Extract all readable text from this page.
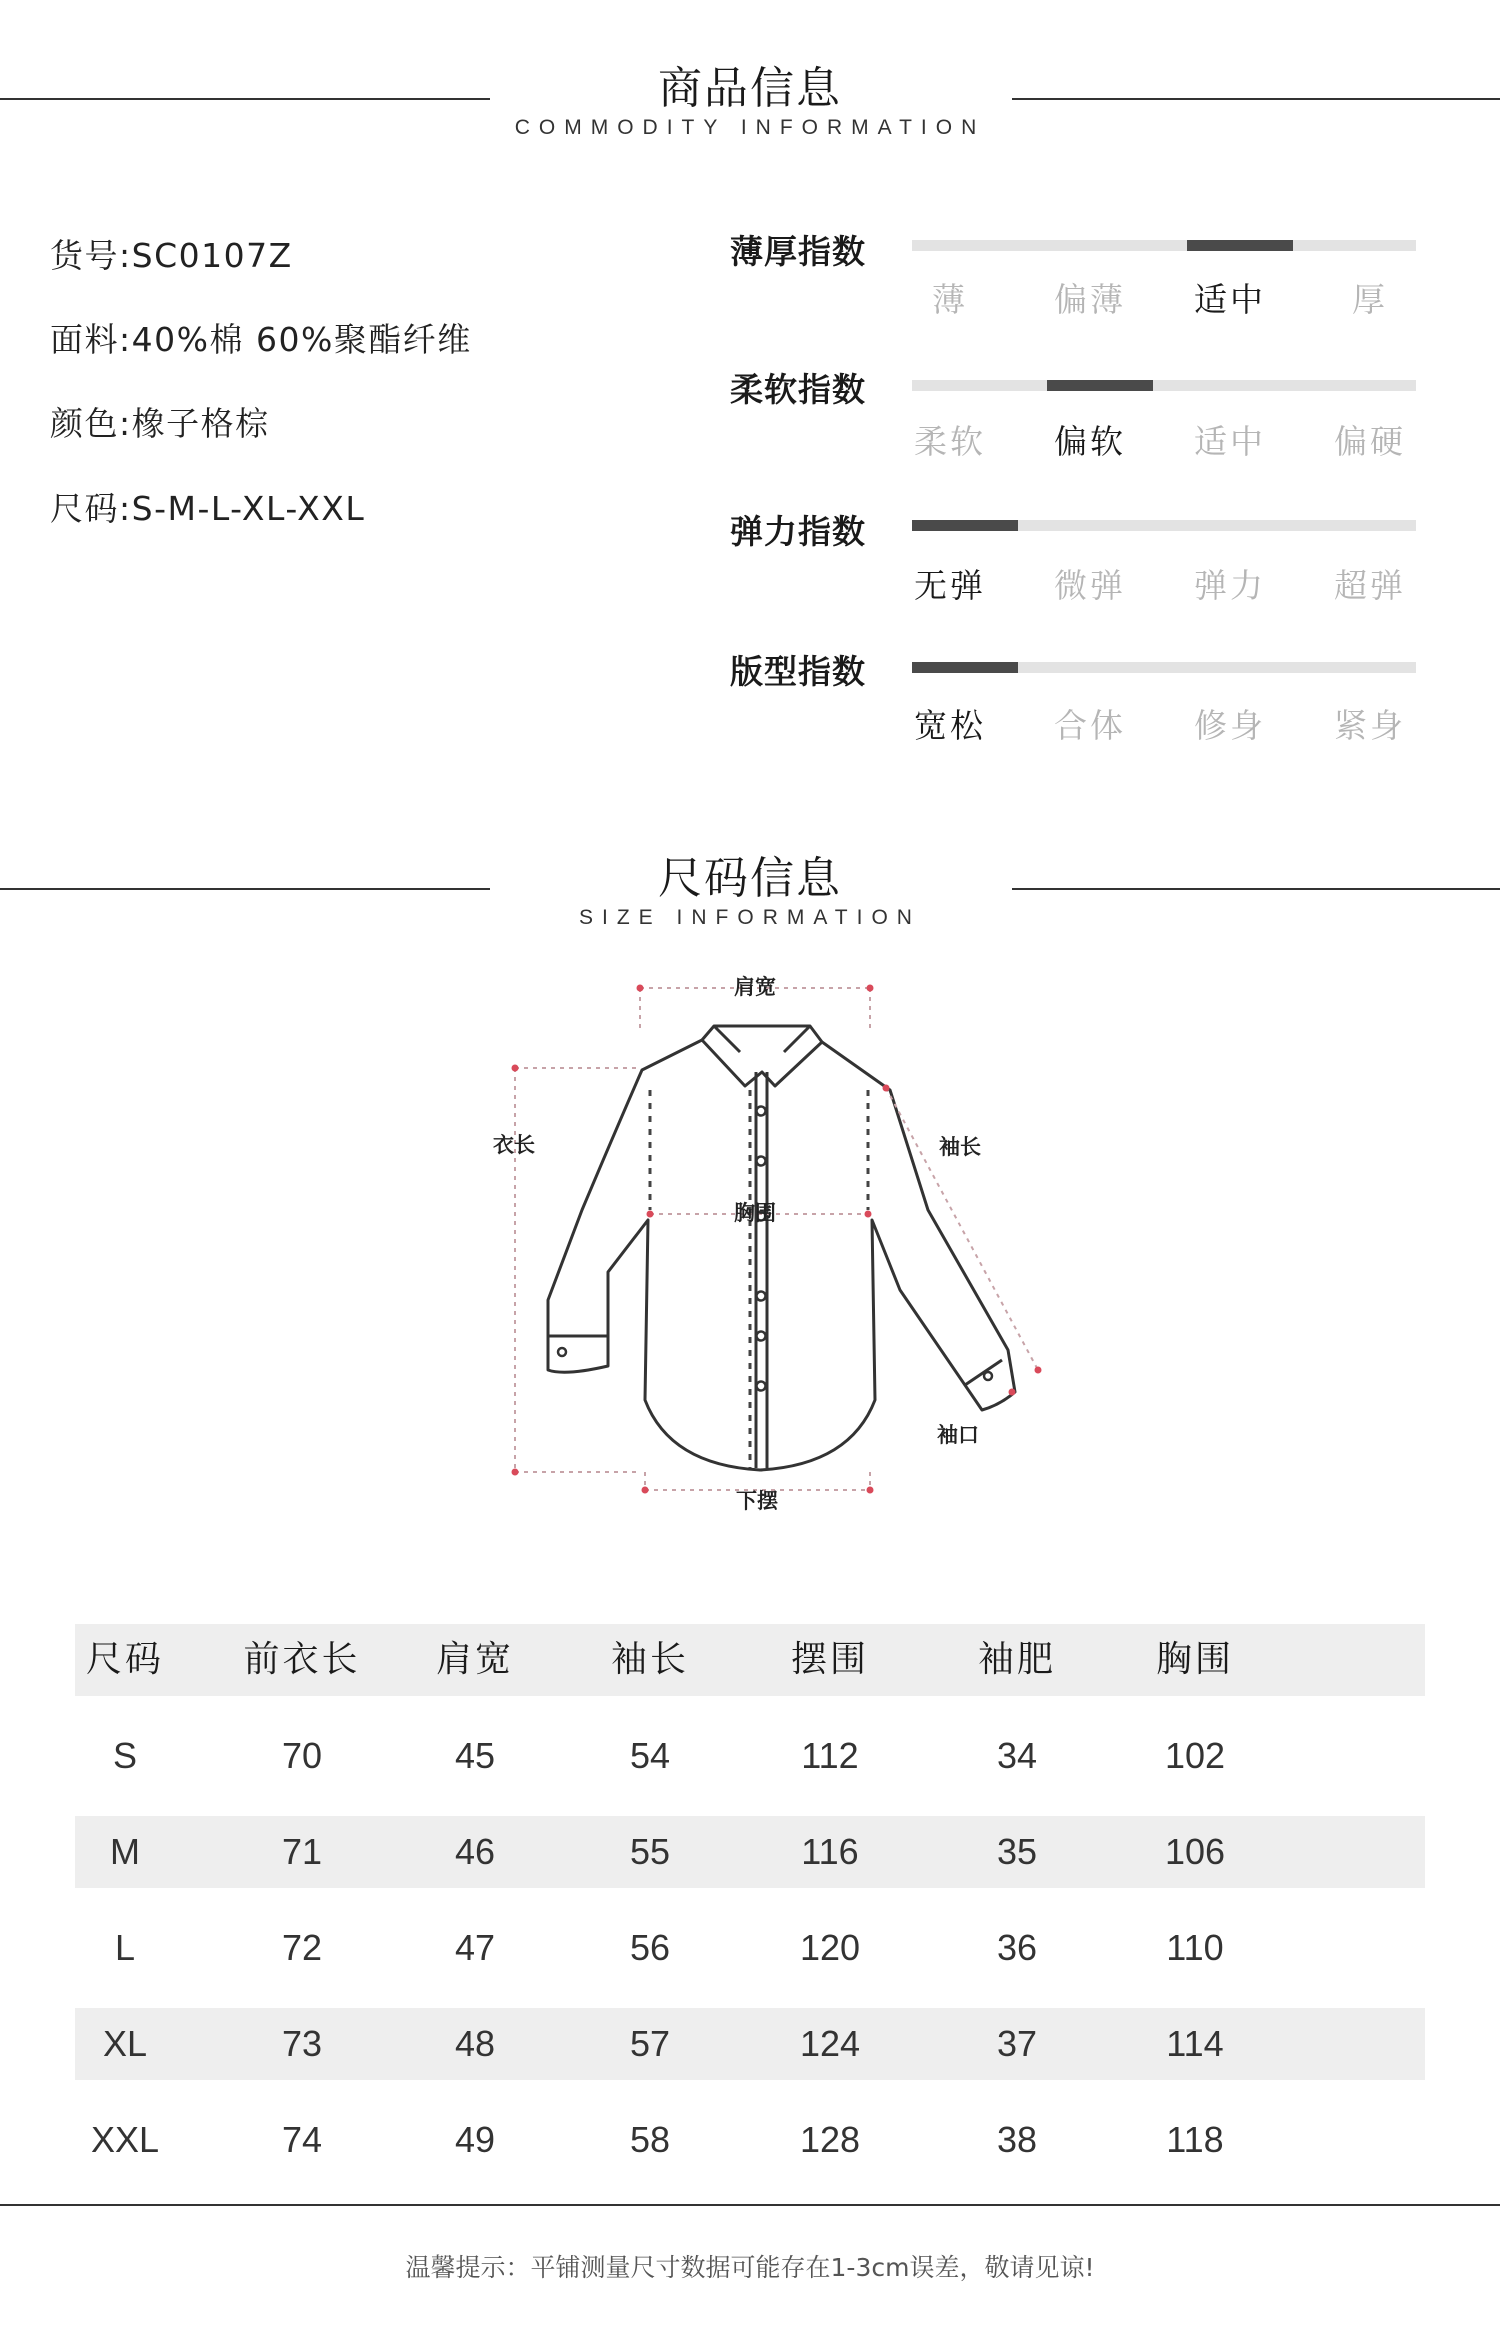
商品信息
COMMODITY INFORMATION
货号:SC0107Z
面料:40%棉 60%聚酯纤维
颜色:橡子格棕
尺码:S-M-L-XL-XXL
薄厚指数
薄	偏薄	适中	厚
柔软指数
柔软	偏软	适中	偏硬
弹力指数
无弹	微弹	弹力	超弹
版型指数
宽松	合体	修身	紧身
尺码信息
SIZE INFORMATION
肩宽
衣长	袖长
胸围
袖口
下摆
尺码	前衣长	肩宽	袖长	摆围	袖肥	胸围
S	70	45	54	112	34	102
M	71	46	55	116	35	106
L	72	47	56	120	36	110
XL	73	48	57	124	37	114
XXL	74	49	58	128	38	118
温馨提示：平铺测量尺寸数据可能存在1-3cm误差，敬请见谅!
